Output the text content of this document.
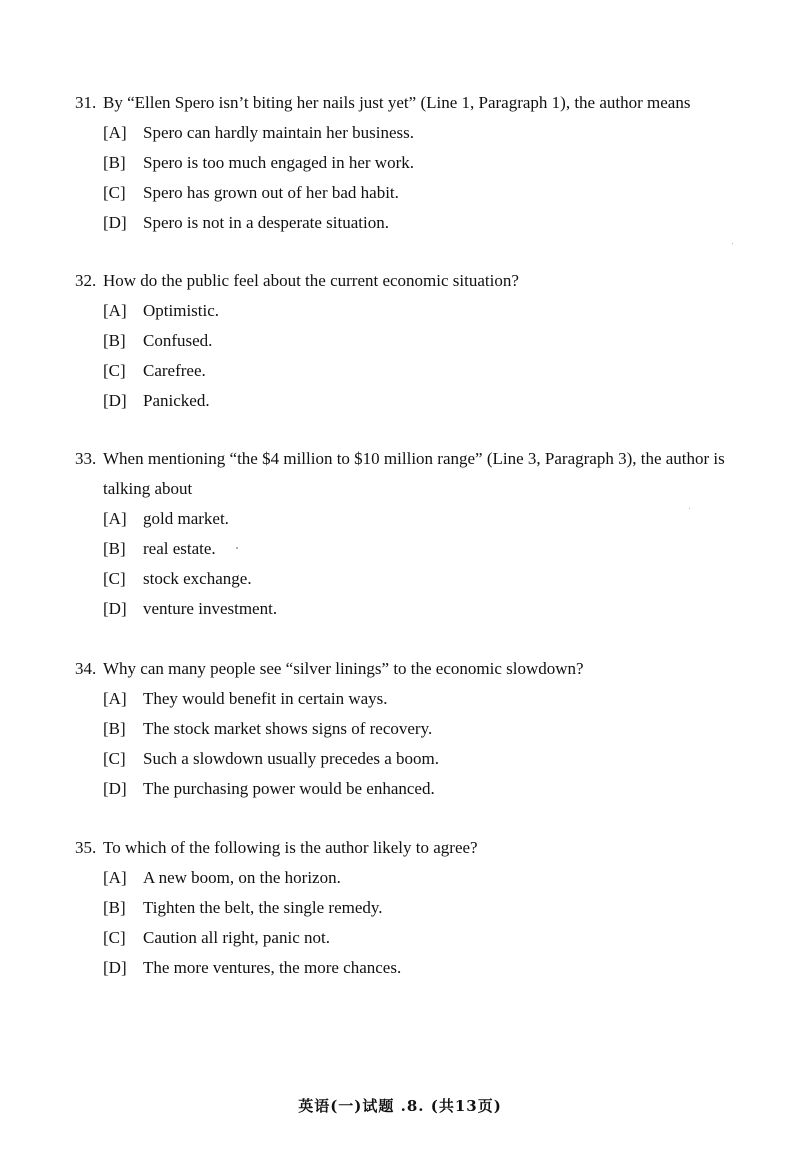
31. By “Ellen Spero isn’t biting her nails just yet” (Line 1, Paragraph 1), the author means

[A] Spero can hardly maintain her business.
[B] Spero is too much engaged in her work.
[C] Spero has grown out of her bad habit.
[D] Spero is not in a desperate situation.

32. How do the public feel about the current economic situation?

[A] Optimistic.
[B] Confused.
[C] Carefree.
[D] Panicked.

33. When mentioning “the $4 million to $10 million range” (Line 3, Paragraph 3), the author is talking about

[A] gold market.
[B] real estate.
[C] stock exchange.
[D] venture investment.

34. Why can many people see “silver linings” to the economic slowdown?

[A] They would benefit in certain ways.
[B] The stock market shows signs of recovery.
[C] Such a slowdown usually precedes a boom.
[D] The purchasing power would be enhanced.

35. To which of the following is the author likely to agree?

[A] A new boom, on the horizon.
[B] Tighten the belt, the single remedy.
[C] Caution all right, panic not.
[D] The more ventures, the more chances.
英语(一)试题 .8. (共13页)
